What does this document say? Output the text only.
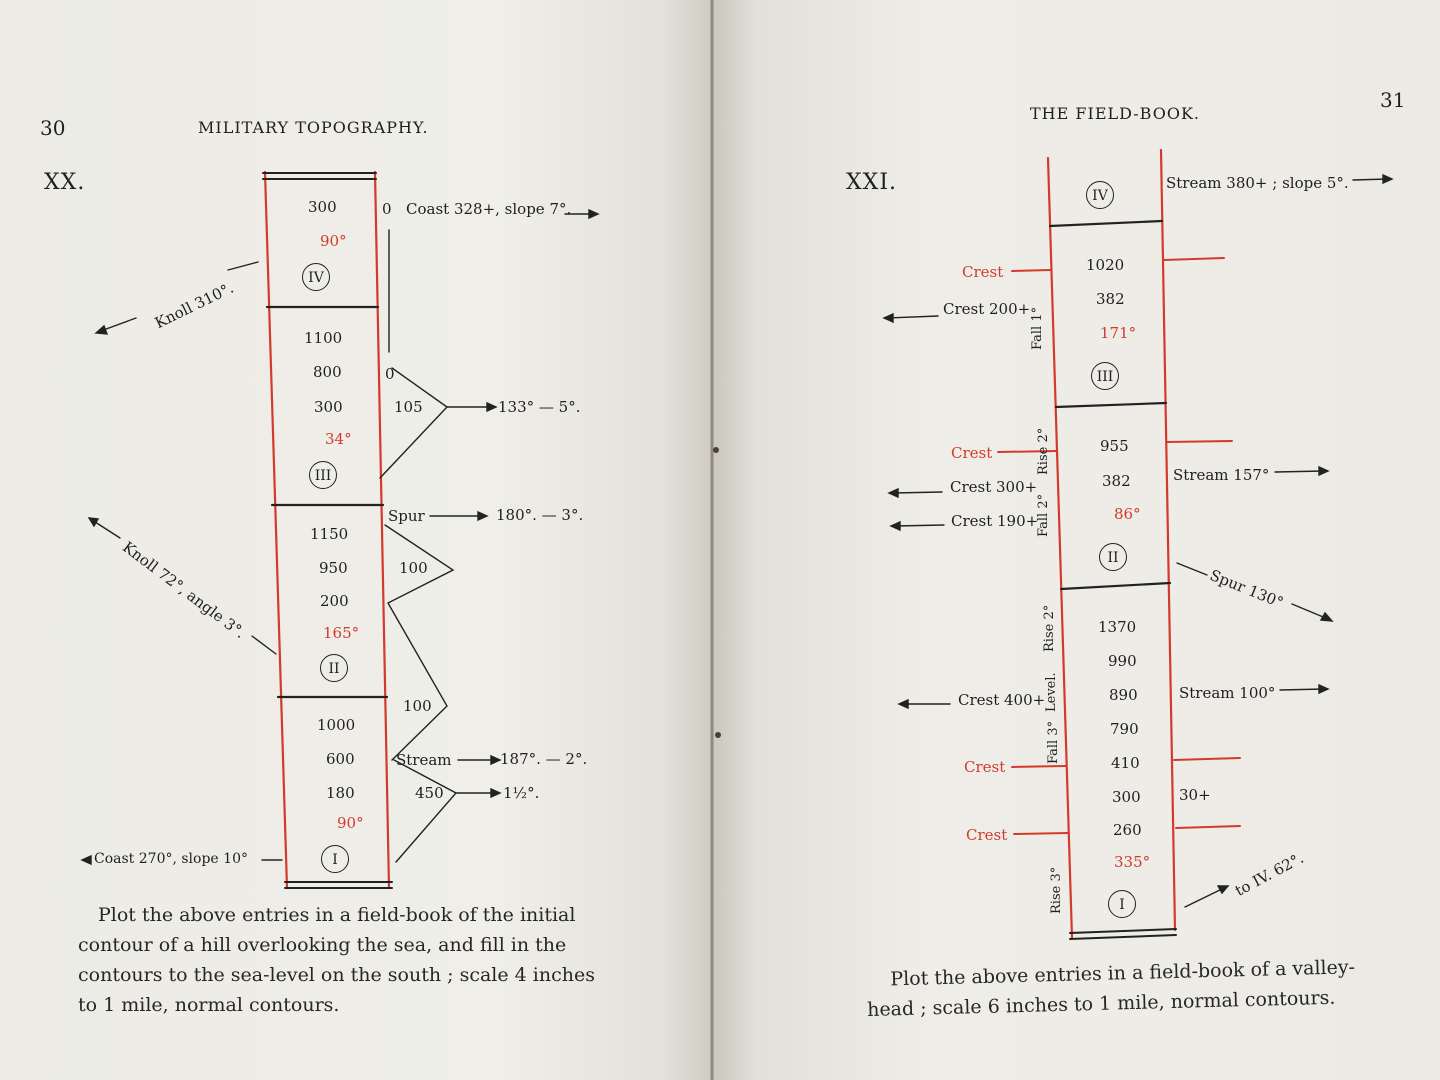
30	MILITARY TOPOGRAPHY.
XX.
300
90°
IV
1100
800
300
34°
III
1150
950
200
165°
II
1000
600
180
90°
I
0 Coast 328+, slope 7°.
0
105	133° — 5°.
Spur	180°. — 3°.
100
100
Stream	187°. — 2°.
450	1½°.
Coast 270°, slope 10°
Knoll 310°.
Knoll 72°, angle 3°.
Plot the above entries in a field-book of the initial
contour of a hill overlooking the sea, and fill in the
contours to the sea-level on the south ; scale 4 inches
to 1 mile, normal contours.
31
THE FIELD-BOOK.
XXI.
IV
1020
382
171°
III
955
382
86°
II
1370
990
890
790
410
300
260
335°
I
Crest
Crest 200+
Crest
Crest 300+
Crest 190+
Crest 400+
Crest
Crest
Fall 1°
Rise 2°
Fall 2°
Rise 2°
Level.
Fall 3°
Rise 3°
Stream 380+ ; slope 5°.
Stream 157°
Spur 130°
Stream 100°
30+
to IV. 62°.
Plot the above entries in a field-book of a valley-
head ; scale 6 inches to 1 mile, normal contours.
